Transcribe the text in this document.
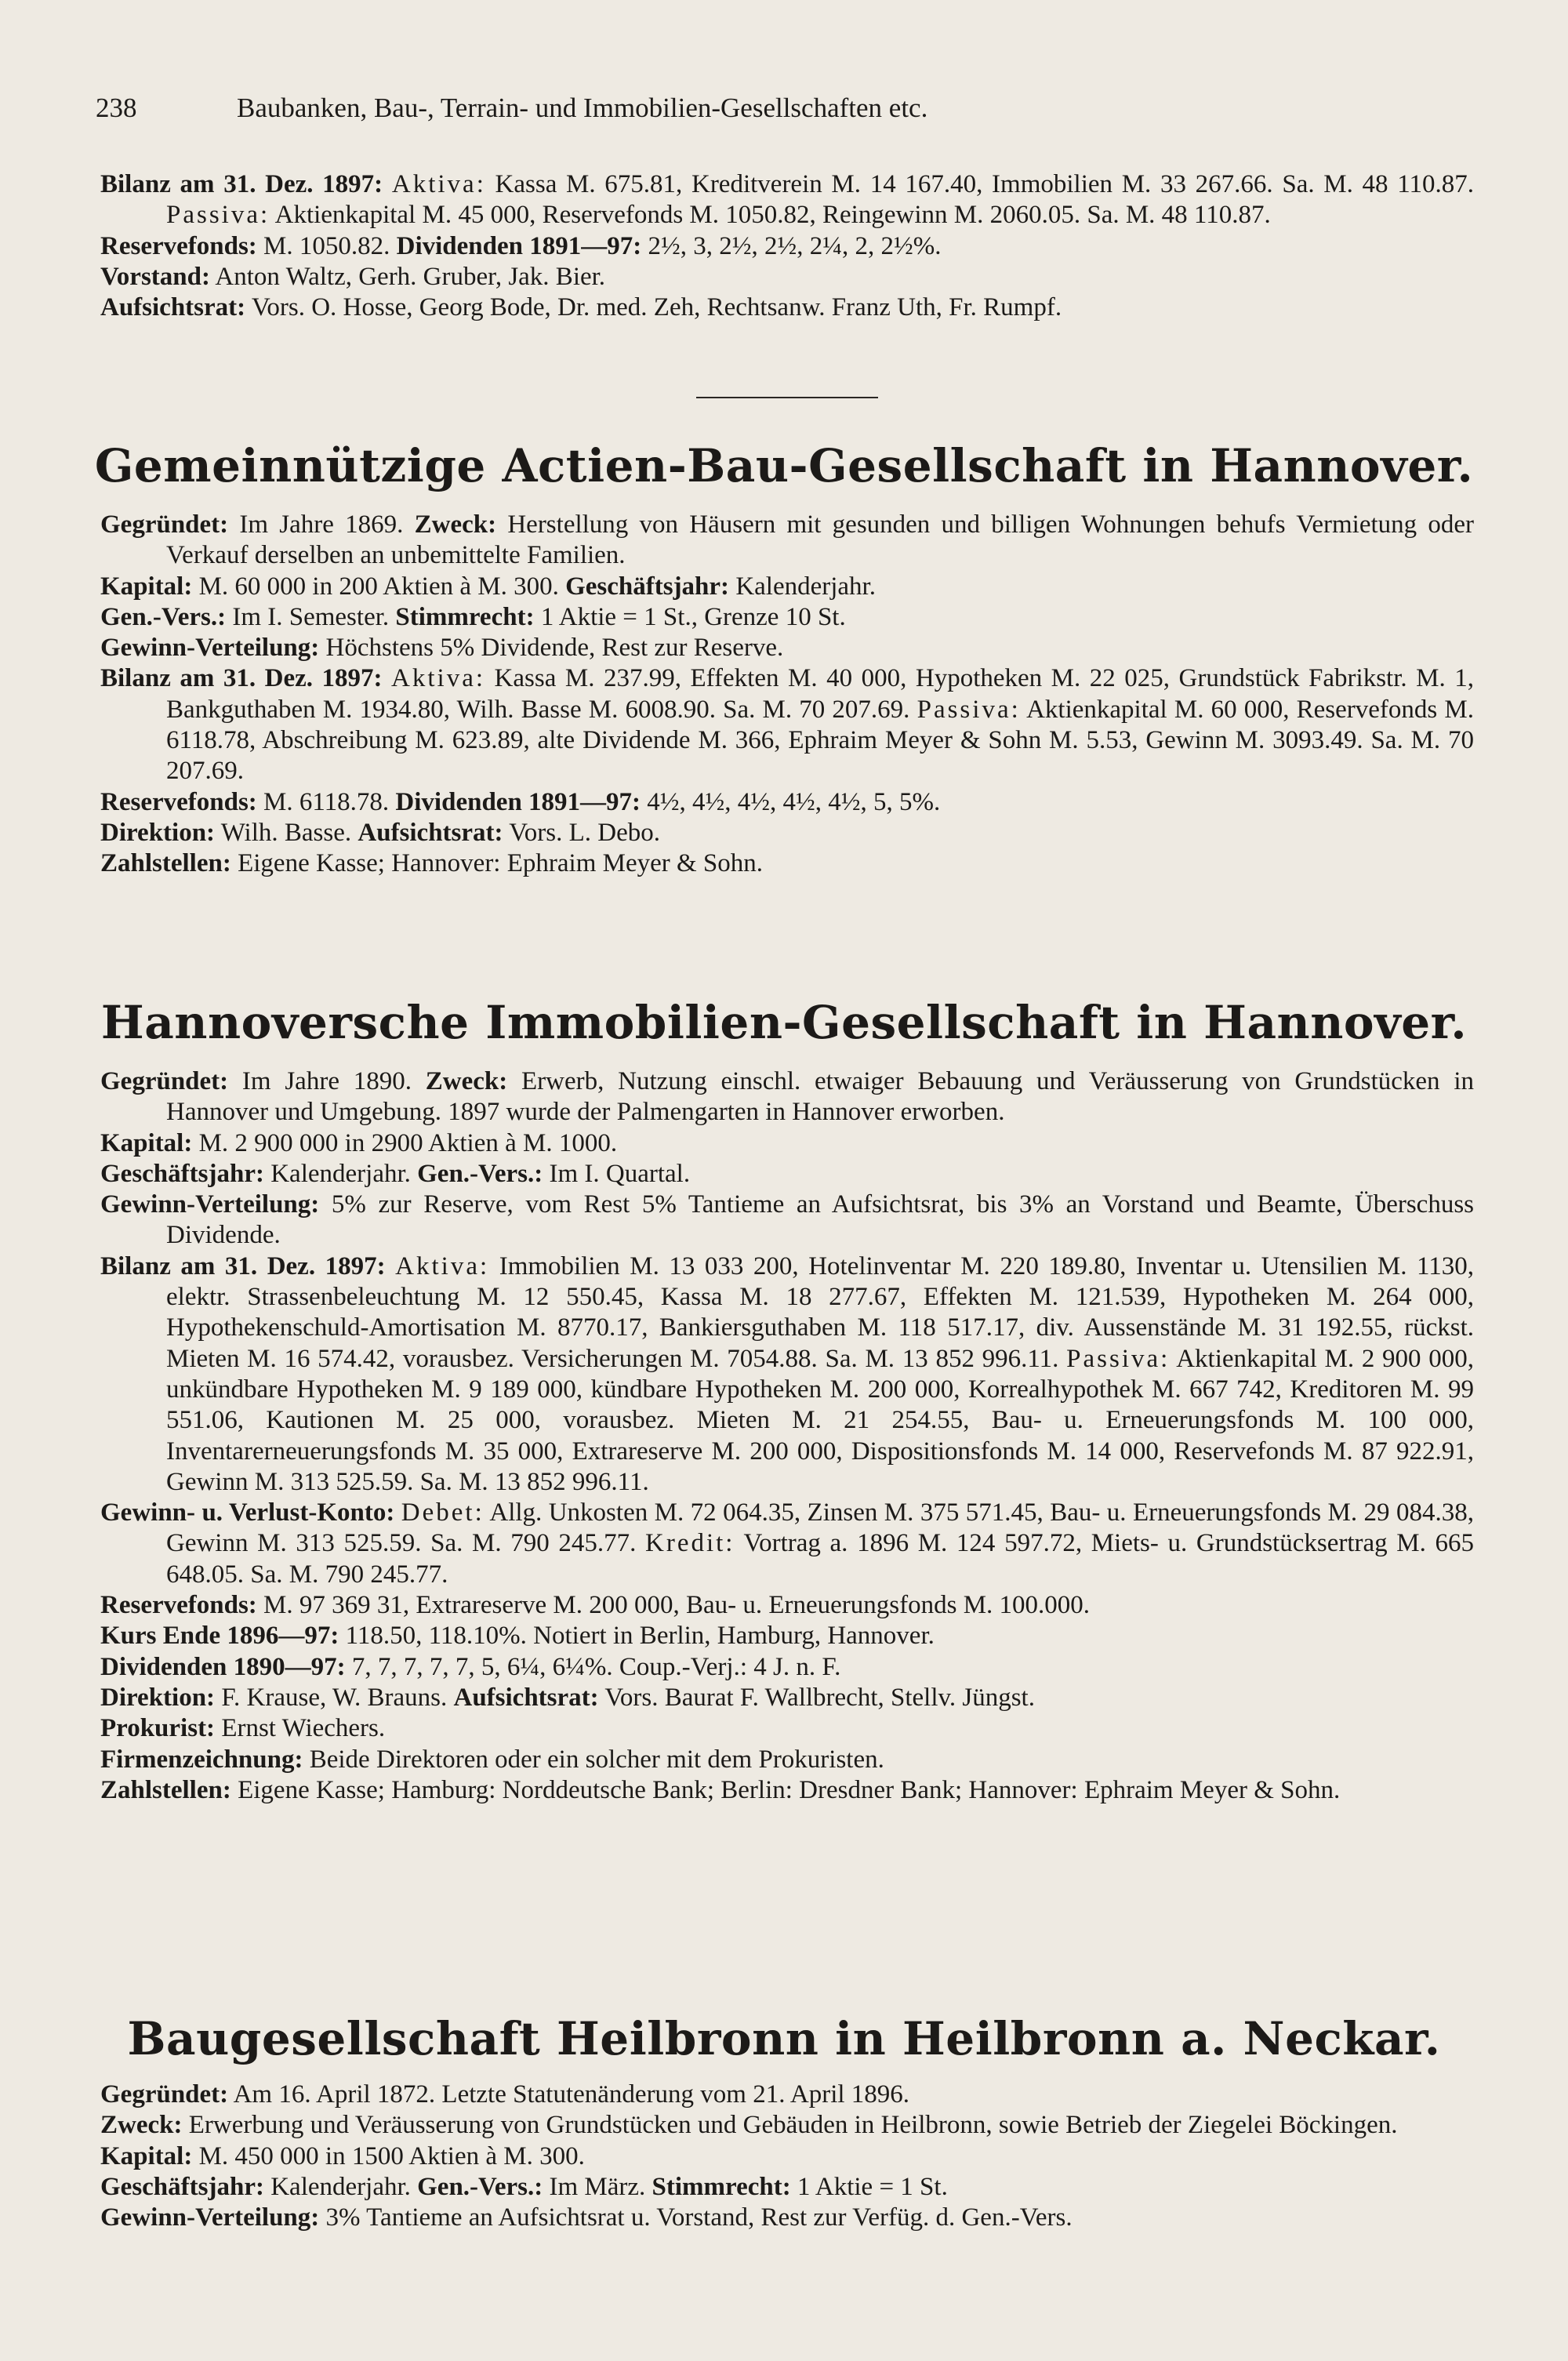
238	Baubanken, Bau-, Terrain- und Immobilien-Gesellschaften etc.

Bilanz am 31. Dez. 1897: Aktiva: Kassa M. 675.81, Kreditverein M. 14 167.40, Immobilien M. 33 267.66. Sa. M. 48 110.87. Passiva: Aktienkapital M. 45 000, Reservefonds M. 1050.82, Reingewinn M. 2060.05. Sa. M. 48 110.87.

Reservefonds: M. 1050.82. Dividenden 1891—97: 2½, 3, 2½, 2½, 2¼, 2, 2½%.

Vorstand: Anton Waltz, Gerh. Gruber, Jak. Bier.

Aufsichtsrat: Vors. O. Hosse, Georg Bode, Dr. med. Zeh, Rechtsanw. Franz Uth, Fr. Rumpf.

Gemeinnützige Actien-Bau-Gesellschaft in Hannover.

Gegründet: Im Jahre 1869. Zweck: Herstellung von Häusern mit gesunden und billigen Wohnungen behufs Vermietung oder Verkauf derselben an unbemittelte Familien.

Kapital: M. 60 000 in 200 Aktien à M. 300. Geschäftsjahr: Kalenderjahr.

Gen.-Vers.: Im I. Semester. Stimmrecht: 1 Aktie = 1 St., Grenze 10 St.

Gewinn-Verteilung: Höchstens 5% Dividende, Rest zur Reserve.

Bilanz am 31. Dez. 1897: Aktiva: Kassa M. 237.99, Effekten M. 40 000, Hypotheken M. 22 025, Grundstück Fabrikstr. M. 1, Bankguthaben M. 1934.80, Wilh. Basse M. 6008.90. Sa. M. 70 207.69. Passiva: Aktienkapital M. 60 000, Reservefonds M. 6118.78, Abschreibung M. 623.89, alte Dividende M. 366, Ephraim Meyer & Sohn M. 5.53, Gewinn M. 3093.49. Sa. M. 70 207.69.

Reservefonds: M. 6118.78. Dividenden 1891—97: 4½, 4½, 4½, 4½, 4½, 5, 5%.

Direktion: Wilh. Basse. Aufsichtsrat: Vors. L. Debo.

Zahlstellen: Eigene Kasse; Hannover: Ephraim Meyer & Sohn.

Hannoversche Immobilien-Gesellschaft in Hannover.

Gegründet: Im Jahre 1890. Zweck: Erwerb, Nutzung einschl. etwaiger Bebauung und Veräusserung von Grundstücken in Hannover und Umgebung. 1897 wurde der Palmengarten in Hannover erworben.

Kapital: M. 2 900 000 in 2900 Aktien à M. 1000.

Geschäftsjahr: Kalenderjahr. Gen.-Vers.: Im I. Quartal.

Gewinn-Verteilung: 5% zur Reserve, vom Rest 5% Tantieme an Aufsichtsrat, bis 3% an Vorstand und Beamte, Überschuss Dividende.

Bilanz am 31. Dez. 1897: Aktiva: Immobilien M. 13 033 200, Hotelinventar M. 220 189.80, Inventar u. Utensilien M. 1130, elektr. Strassenbeleuchtung M. 12 550.45, Kassa M. 18 277.67, Effekten M. 121.539, Hypotheken M. 264 000, Hypothekenschuld-Amortisation M. 8770.17, Bankiersguthaben M. 118 517.17, div. Aussenstände M. 31 192.55, rückst. Mieten M. 16 574.42, vorausbez. Versicherungen M. 7054.88. Sa. M. 13 852 996.11. Passiva: Aktienkapital M. 2 900 000, unkündbare Hypotheken M. 9 189 000, kündbare Hypotheken M. 200 000, Korrealhypothek M. 667 742, Kreditoren M. 99 551.06, Kautionen M. 25 000, vorausbez. Mieten M. 21 254.55, Bau- u. Erneuerungsfonds M. 100 000, Inventarerneuerungsfonds M. 35 000, Extrareserve M. 200 000, Dispositionsfonds M. 14 000, Reservefonds M. 87 922.91, Gewinn M. 313 525.59. Sa. M. 13 852 996.11.

Gewinn- u. Verlust-Konto: Debet: Allg. Unkosten M. 72 064.35, Zinsen M. 375 571.45, Bau- u. Erneuerungsfonds M. 29 084.38, Gewinn M. 313 525.59. Sa. M. 790 245.77. Kredit: Vortrag a. 1896 M. 124 597.72, Miets- u. Grundstücksertrag M. 665 648.05. Sa. M. 790 245.77.

Reservefonds: M. 97 369 31, Extrareserve M. 200 000, Bau- u. Erneuerungsfonds M. 100.000.

Kurs Ende 1896—97: 118.50, 118.10%. Notiert in Berlin, Hamburg, Hannover.

Dividenden 1890—97: 7, 7, 7, 7, 7, 5, 6¼, 6¼%. Coup.-Verj.: 4 J. n. F.

Direktion: F. Krause, W. Brauns. Aufsichtsrat: Vors. Baurat F. Wallbrecht, Stellv. Jüngst.

Prokurist: Ernst Wiechers.

Firmenzeichnung: Beide Direktoren oder ein solcher mit dem Prokuristen.

Zahlstellen: Eigene Kasse; Hamburg: Norddeutsche Bank; Berlin: Dresdner Bank; Hannover: Ephraim Meyer & Sohn.

Baugesellschaft Heilbronn in Heilbronn a. Neckar.

Gegründet: Am 16. April 1872. Letzte Statutenänderung vom 21. April 1896.

Zweck: Erwerbung und Veräusserung von Grundstücken und Gebäuden in Heilbronn, sowie Betrieb der Ziegelei Böckingen.

Kapital: M. 450 000 in 1500 Aktien à M. 300.

Geschäftsjahr: Kalenderjahr. Gen.-Vers.: Im März. Stimmrecht: 1 Aktie = 1 St.

Gewinn-Verteilung: 3% Tantieme an Aufsichtsrat u. Vorstand, Rest zur Verfüg. d. Gen.-Vers.
